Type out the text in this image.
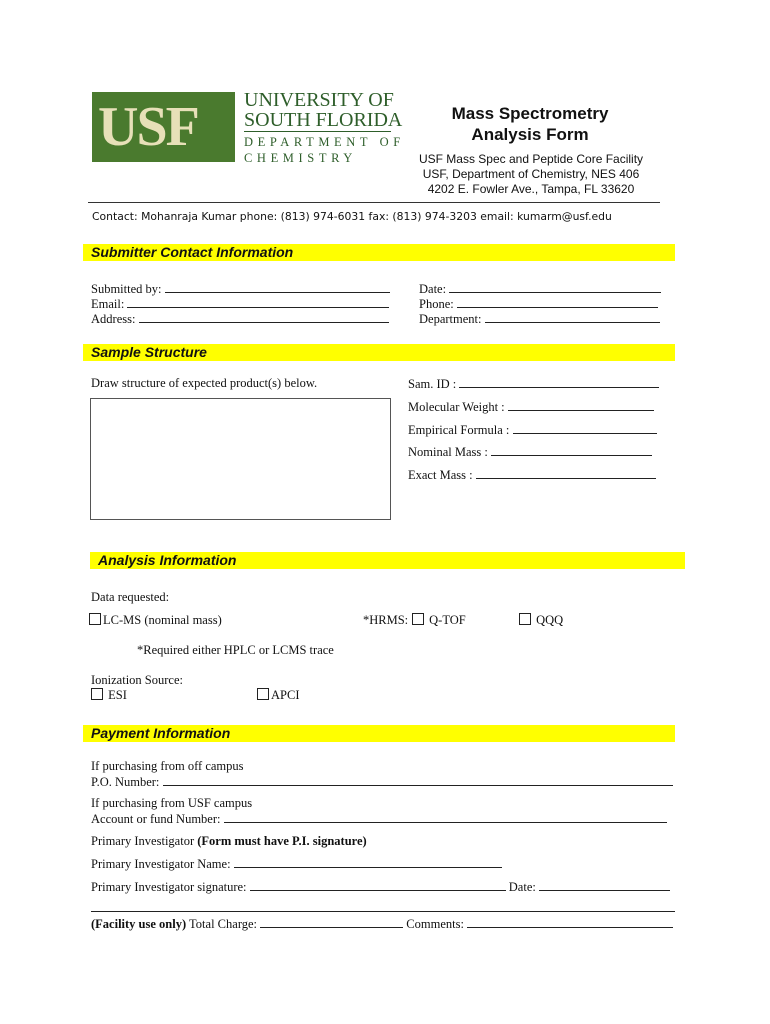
USF UNIVERSITY OF
SOUTH FLORIDA
DEPARTMENT OF
CHEMISTRY
Mass Spectrometry
Analysis Form
USF Mass Spec and Peptide Core Facility
USF, Department of Chemistry, NES 406
4202 E. Fowler Ave., Tampa, FL 33620
Contact: Mohanraja Kumar phone: (813) 974-6031 fax: (813) 974-3203 email: kumarm@usf.edu
Submitter Contact Information
Submitted by:
Email:
Address:
Date:
Phone:
Department:
Sample Structure
Draw structure of expected product(s) below.	Sam. ID :
Molecular Weight :
Empirical Formula :
Nominal Mass :
Exact Mass :
Analysis Information
Data requested:
LC-MS (nominal mass)	*HRMS:	Q-TOF	QQQ
*Required either HPLC or LCMS trace
Ionization Source:
ESI	APCI
Payment Information
If purchasing from off campus
P.O. Number:
If purchasing from USF campus
Account or fund Number:
Primary Investigator (Form must have P.I. signature)
Primary Investigator Name:
Primary Investigator signature:	Date:
(Facility use only) Total Charge:	Comments:
